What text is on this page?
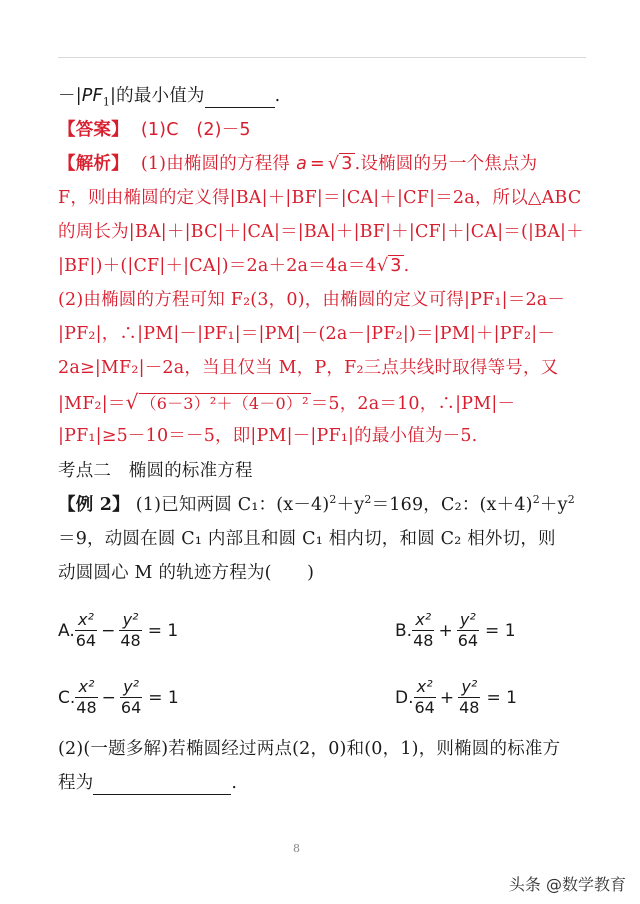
$-|PF_1|$的最小值为	.
【答案】 (1)C　(2)－5
【解析】 (1)由椭圆的方程得 a = √ 3 .设椭圆的另一个焦点为
F，则由椭圆的定义得|BA|＋|BF|＝|CA|＋|CF|＝2a，所以△ABC
的周长为|BA|＋|BC|＋|CA|＝|BA|＋|BF|＋|CF|＋|CA|＝(|BA|＋
|BF|)＋(|CF|＋|CA|)＝2a＋2a＝4a＝4√ 3 .
(2)由椭圆的方程可知 F₂(3，0)，由椭圆的定义可得|PF₁|＝2a－
|PF₂|，∴|PM|－|PF₁|＝|PM|－(2a－|PF₂|)＝|PM|＋|PF₂|－
2a≥|MF₂|－2a，当且仅当 M，P，F₂三点共线时取得等号，又
|MF₂|＝√ （6－3）²＋（4－0）² ＝5，2a＝10，∴|PM|－
|PF₁|≥5－10＝－5，即|PM|－|PF₁|的最小值为－5.
考点二　椭圆的标准方程
【例 2】 (1)已知两圆 C₁：$(x-4)^2+y^2=169$，C₂：$(x+4)^2+y^2$
＝9，动圆在圆 C₁ 内部且和圆 C₁ 相内切，和圆 C₂ 相外切，则
动圆圆心 M 的轨迹方程为(　　)
A. $\frac{\text{x²}}{64} - \frac{\text{y²}}{48} = 1$	B. $\frac{\text{x²}}{48} + \frac{\text{y²}}{64} = 1$
C. $\frac{\text{x²}}{48} - \frac{\text{y²}}{64} = 1$	D. $\frac{\text{x²}}{64} + \frac{\text{y²}}{48} = 1$
(2)(一题多解)若椭圆经过两点(2，0)和(0，1)，则椭圆的标准方
程为	.
8
头条 @数学教育
